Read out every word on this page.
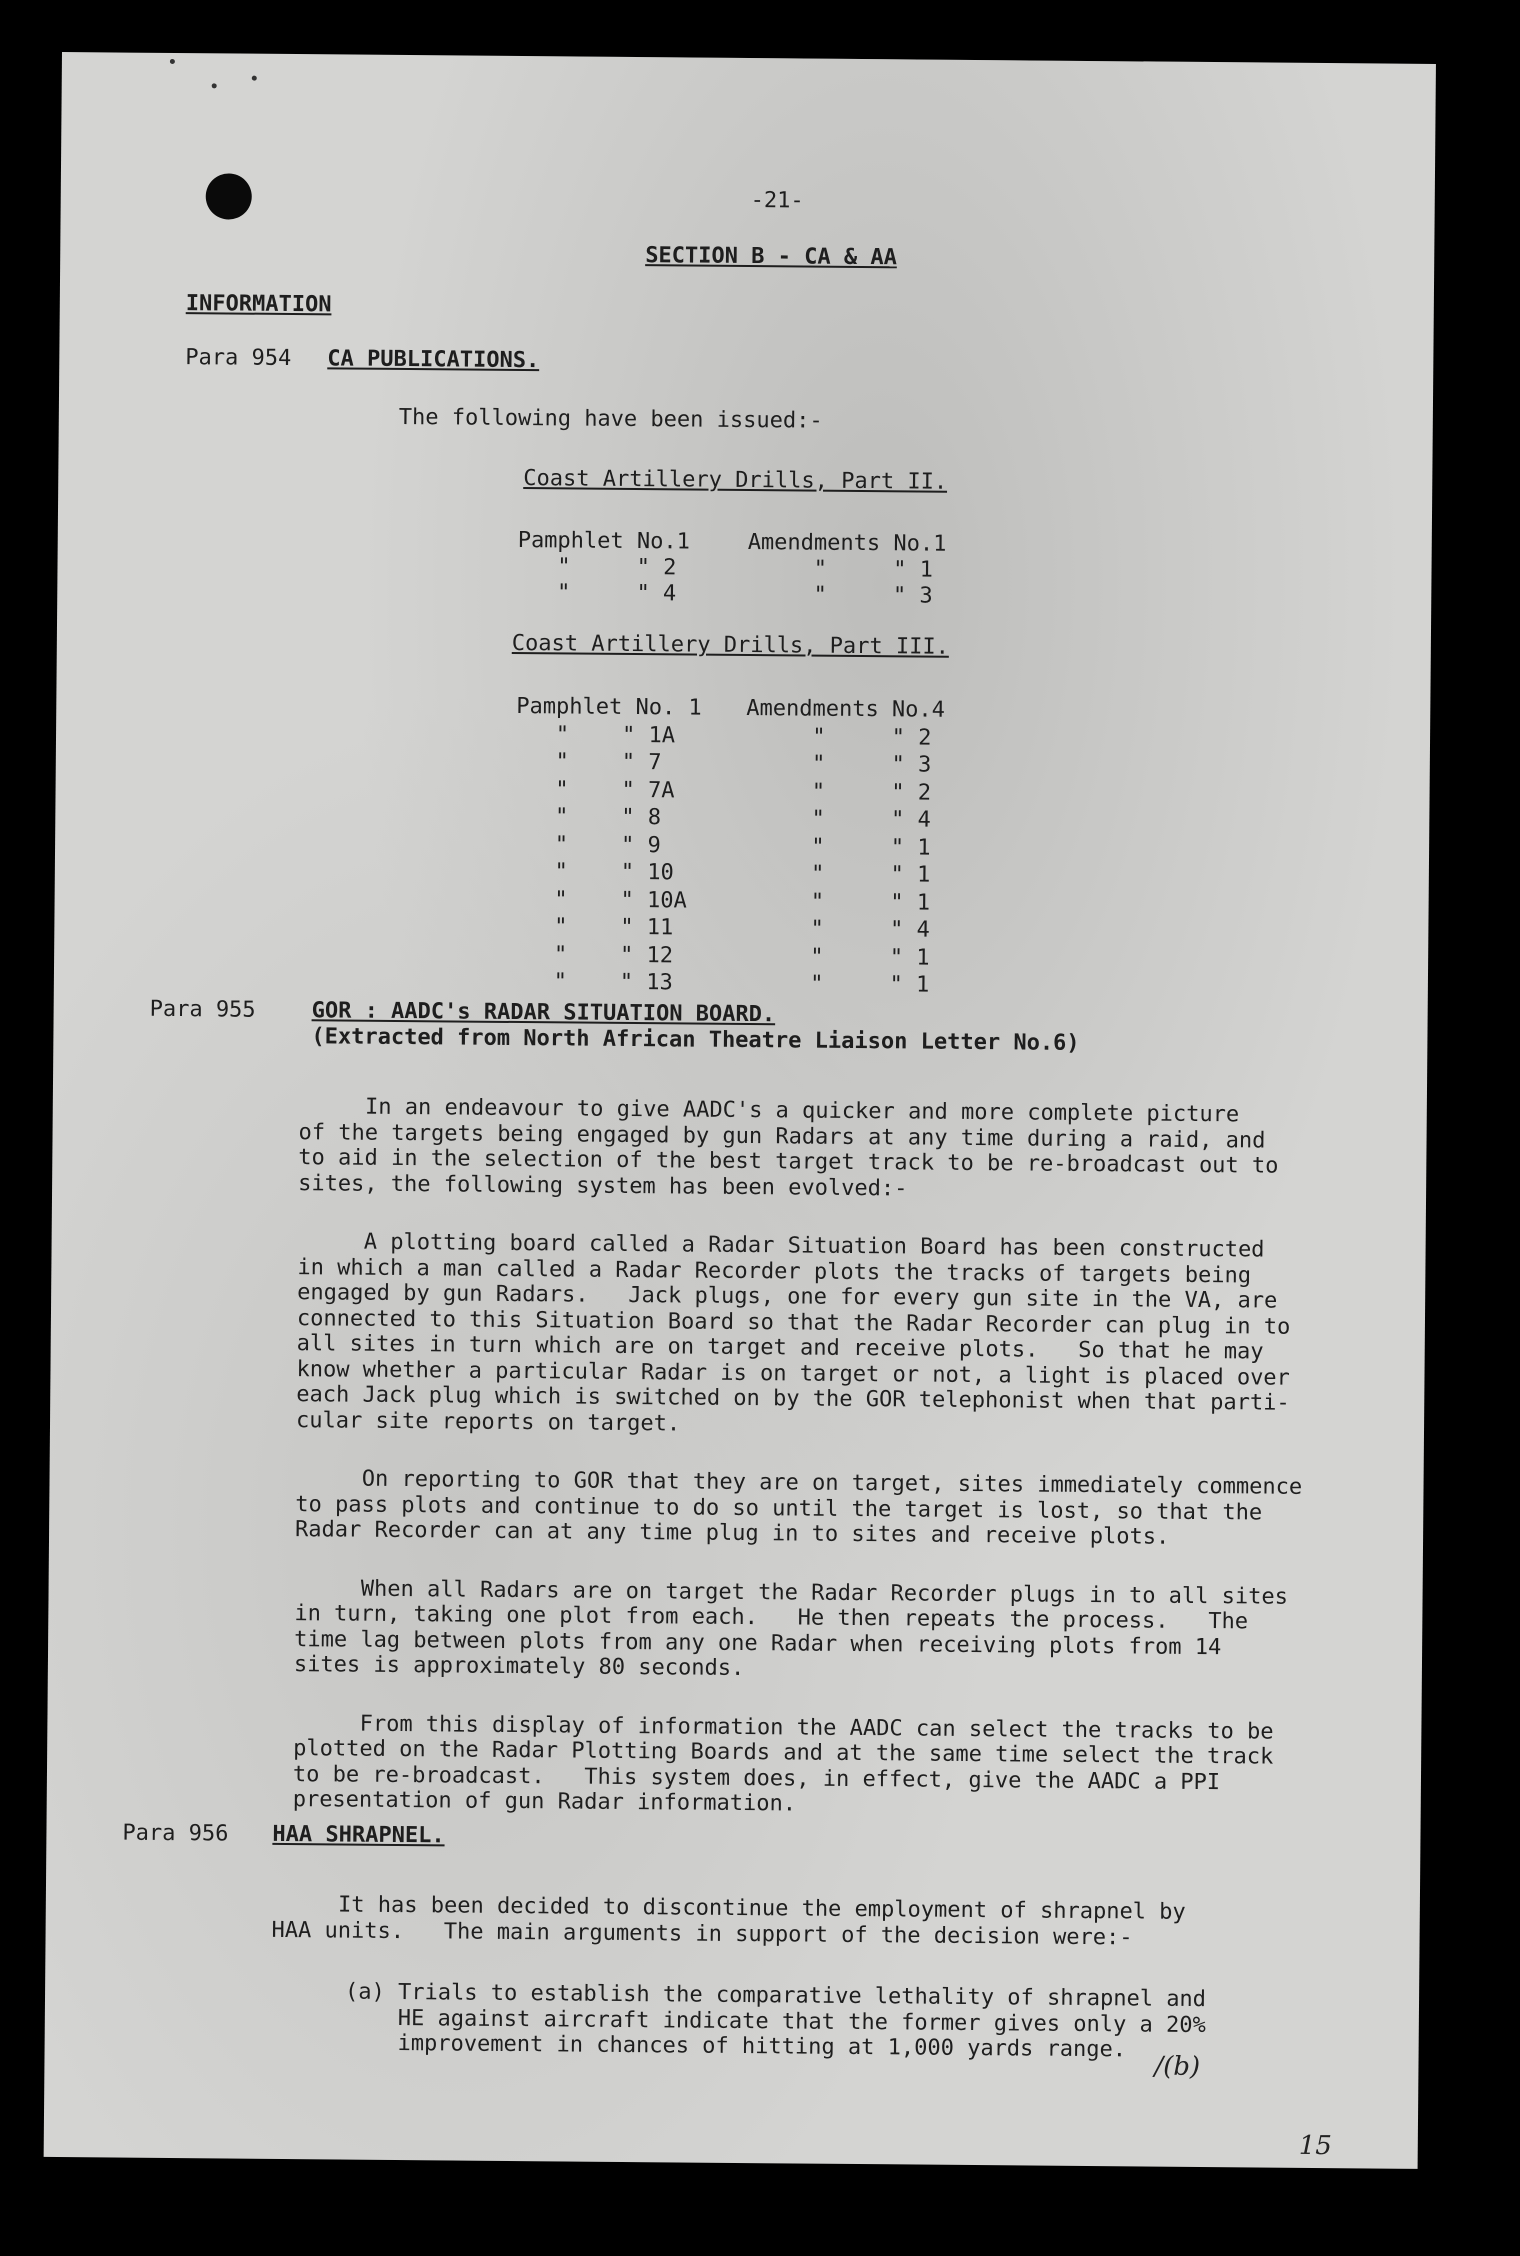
-21-
SECTION B - CA & AA
INFORMATION
Para 954 CA PUBLICATIONS.
The following have been issued:-
Coast Artillery Drills, Part II.
Coast Artillery Drills, Part III.
Para 955	GOR : AADC's RADAR SITUATION BOARD.
(Extracted from North African Theatre Liaison Letter No.6)
Para 956 HAA SHRAPNEL.
/(b)
15
Pamphlet No.1	Amendments No.1
"     " 2	"     " 1
"     " 4	"     " 3
Pamphlet No. 1 Amendments No.4
"    " 1A	"     " 2
"    " 7	"     " 3
"    " 7A	"     " 2
"    " 8	"     " 4
"    " 9	"     " 1
"    " 10	"     " 1
"    " 10A	"     " 1
"    " 11	"     " 4
"    " 12	"     " 1
"    " 13	"     " 1
In an endeavour to give AADC's a quicker and more complete picture
of the targets being engaged by gun Radars at any time during a raid, and
to aid in the selection of the best target track to be re-broadcast out to
sites, the following system has been evolved:-
A plotting board called a Radar Situation Board has been constructed
in which a man called a Radar Recorder plots the tracks of targets being
engaged by gun Radars.   Jack plugs, one for every gun site in the VA, are
connected to this Situation Board so that the Radar Recorder can plug in to
all sites in turn which are on target and receive plots.   So that he may
know whether a particular Radar is on target or not, a light is placed over
each Jack plug which is switched on by the GOR telephonist when that parti-
cular site reports on target.
On reporting to GOR that they are on target, sites immediately commence
to pass plots and continue to do so until the target is lost, so that the
Radar Recorder can at any time plug in to sites and receive plots.
When all Radars are on target the Radar Recorder plugs in to all sites
in turn, taking one plot from each.   He then repeats the process.   The
time lag between plots from any one Radar when receiving plots from 14
sites is approximately 80 seconds.
From this display of information the AADC can select the tracks to be
plotted on the Radar Plotting Boards and at the same time select the track
to be re-broadcast.   This system does, in effect, give the AADC a PPI
presentation of gun Radar information.
It has been decided to discontinue the employment of shrapnel by
HAA units.   The main arguments in support of the decision were:-
(a) Trials to establish the comparative lethality of shrapnel and
HE against aircraft indicate that the former gives only a 20%
improvement in chances of hitting at 1,000 yards range.
